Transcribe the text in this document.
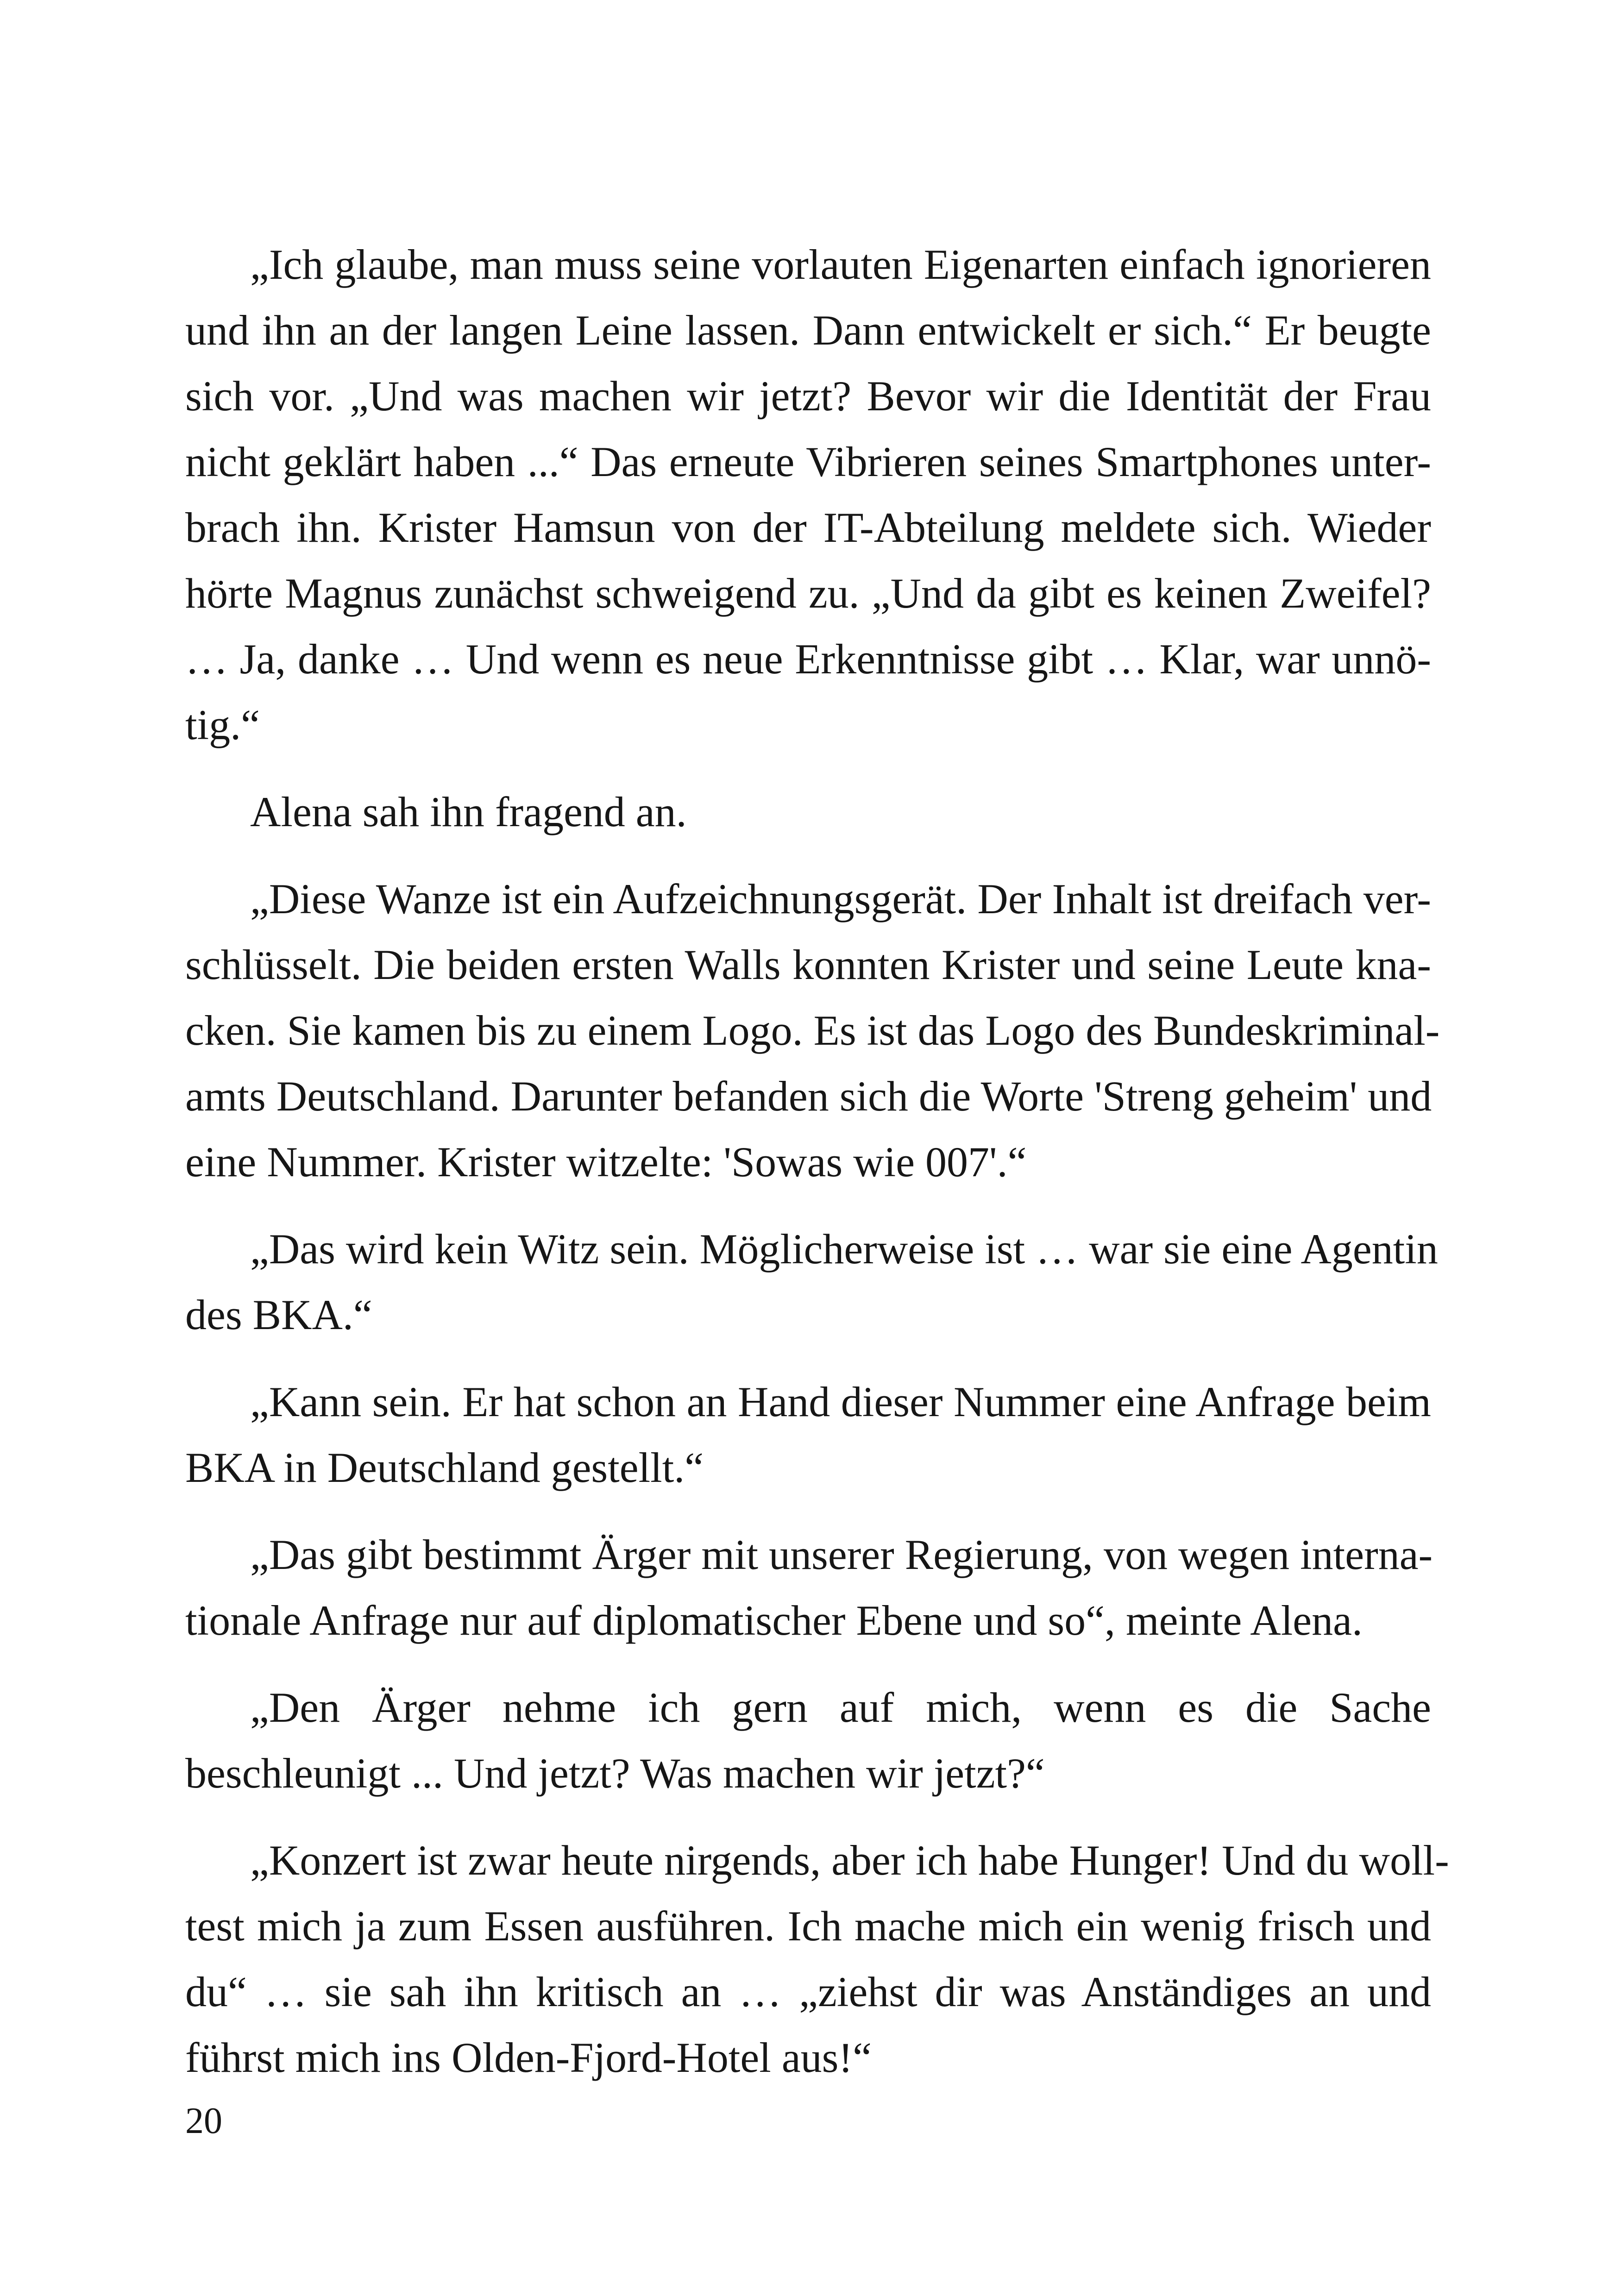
„Ich glaube, man muss seine vorlauten Eigenarten einfach ignorieren
und ihn an der langen Leine lassen. Dann entwickelt er sich.“ Er beugte
sich vor. „Und was machen wir jetzt? Bevor wir die Identität der Frau
nicht geklärt haben ...“ Das erneute Vibrieren seines Smartphones unter-
brach ihn. Krister Hamsun von der IT-Abteilung meldete sich. Wieder
hörte Magnus zunächst schweigend zu. „Und da gibt es keinen Zweifel?
… Ja, danke … Und wenn es neue Erkenntnisse gibt … Klar, war unnö-
tig.“

Alena sah ihn fragend an.

„Diese Wanze ist ein Aufzeichnungsgerät. Der Inhalt ist dreifach ver-
schlüsselt. Die beiden ersten Walls konnten Krister und seine Leute kna-
cken. Sie kamen bis zu einem Logo. Es ist das Logo des Bundeskriminal-
amts Deutschland. Darunter befanden sich die Worte 'Streng geheim' und
eine Nummer. Krister witzelte: 'Sowas wie 007'.“

„Das wird kein Witz sein. Möglicherweise ist … war sie eine Agentin
des BKA.“

„Kann sein. Er hat schon an Hand dieser Nummer eine Anfrage beim
BKA in Deutschland gestellt.“

„Das gibt bestimmt Ärger mit unserer Regierung, von wegen interna-
tionale Anfrage nur auf diplomatischer Ebene und so“, meinte Alena.

„Den Ärger nehme ich gern auf mich, wenn es die Sache
beschleunigt ... Und jetzt? Was machen wir jetzt?“

„Konzert ist zwar heute nirgends, aber ich habe Hunger! Und du woll-
test mich ja zum Essen ausführen. Ich mache mich ein wenig frisch und
du“ … sie sah ihn kritisch an … „ziehst dir was Anständiges an und
führst mich ins Olden-Fjord-Hotel aus!“

20
